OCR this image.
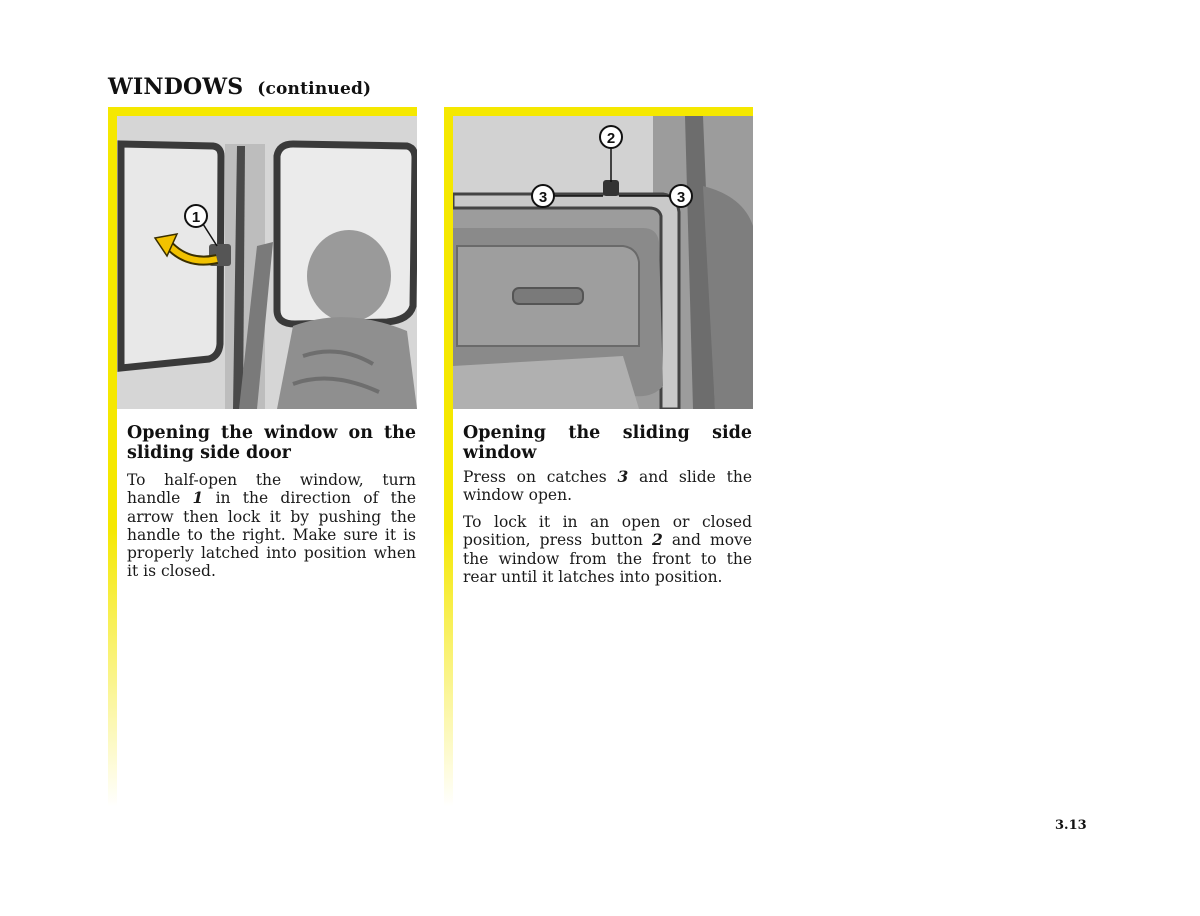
WINDOWS (continued)
1
Opening the window on the sliding side door

To half-open the window, turn handle 1 in the direction of the arrow then lock it by pushing the handle to the right. Make sure it is properly latched into position when it is closed.

2
3	3
Opening the sliding side window

Press on catches 3 and slide the window open.

To lock it in an open or closed position, press button 2 and move the window from the front to the rear until it latches into position.

3.13
